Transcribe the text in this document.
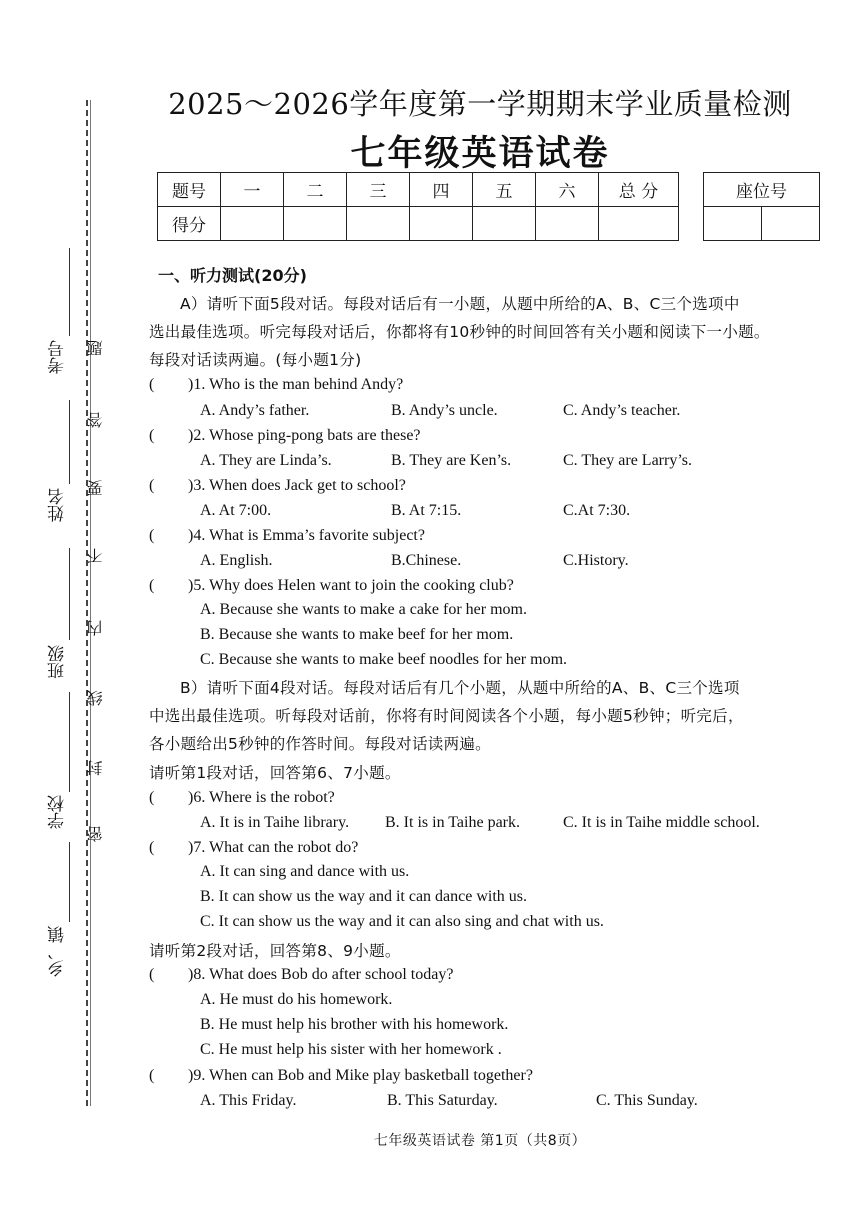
考号
姓名
班级
学校
乡、镇
题
答
要
不
内
线
封
密
2025～2026学年度第一学期期末学业质量检测
七年级英语试卷
题号	一	二	三	四	五	六	总 分
得分							
座位号

一、听力测试(20分)
A）请听下面5段对话。每段对话后有一小题，从题中所给的A、B、C三个选项中
选出最佳选项。听完每段对话后，你都将有10秒钟的时间回答有关小题和阅读下一小题。
每段对话读两遍。(每小题1分)
( )1. Who is the man behind Andy?
A. Andy’s father.	B. Andy’s uncle.	C. Andy’s teacher.
( )2. Whose ping-pong bats are these?
A. They are Linda’s.	B. They are Ken’s.	C. They are Larry’s.
( )3. When does Jack get to school?
A. At 7:00.	B. At 7:15.	C.At 7:30.
( )4. What is Emma’s favorite subject?
A. English.	B.Chinese.	C.History.
( )5. Why does Helen want to join the cooking club?
A. Because she wants to make a cake for her mom.
B. Because she wants to make beef for her mom.
C. Because she wants to make beef noodles for her mom.
B）请听下面4段对话。每段对话后有几个小题，从题中所给的A、B、C三个选项
中选出最佳选项。听每段对话前，你将有时间阅读各个小题，每小题5秒钟；听完后，
各小题给出5秒钟的作答时间。每段对话读两遍。
请听第1段对话，回答第6、7小题。
( )6. Where is the robot?
A. It is in Taihe library. B. It is in Taihe park.	C. It is in Taihe middle school.
( )7. What can the robot do?
A. It can sing and dance with us.
B. It can show us the way and it can dance with us.
C. It can show us the way and it can also sing and chat with us.
请听第2段对话，回答第8、9小题。
( )8. What does Bob do after school today?
A. He must do his homework.
B. He must help his brother with his homework.
C. He must help his sister with her homework .
( )9. When can Bob and Mike play basketball together?
A. This Friday.	B. This Saturday.	C. This Sunday.
七年级英语试卷 第1页（共8页）
